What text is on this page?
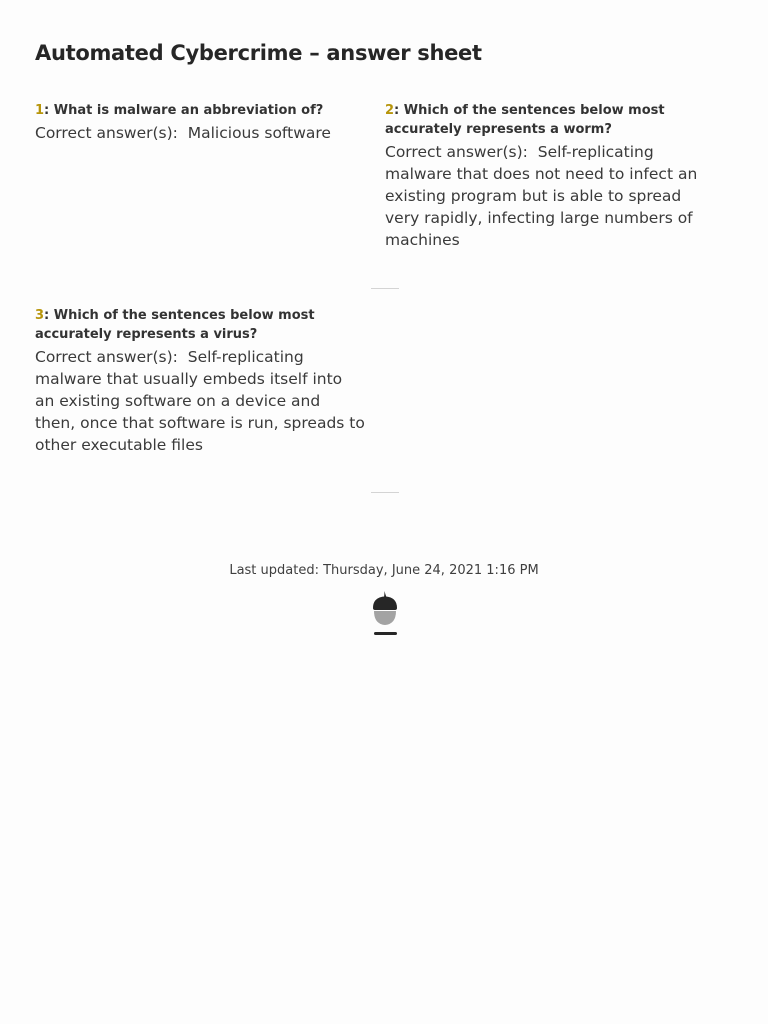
Automated Cybercrime – answer sheet
1: What is malware an abbreviation of?
Correct answer(s): Malicious software
2: Which of the sentences below most accurately represents a worm?
Correct answer(s): Self-replicating malware that does not need to infect an existing program but is able to spread very rapidly, infecting large numbers of machines
3: Which of the sentences below most accurately represents a virus?
Correct answer(s): Self-replicating malware that usually embeds itself into an existing software on a device and then, once that software is run, spreads to other executable files
Last updated: Thursday, June 24, 2021 1:16 PM
